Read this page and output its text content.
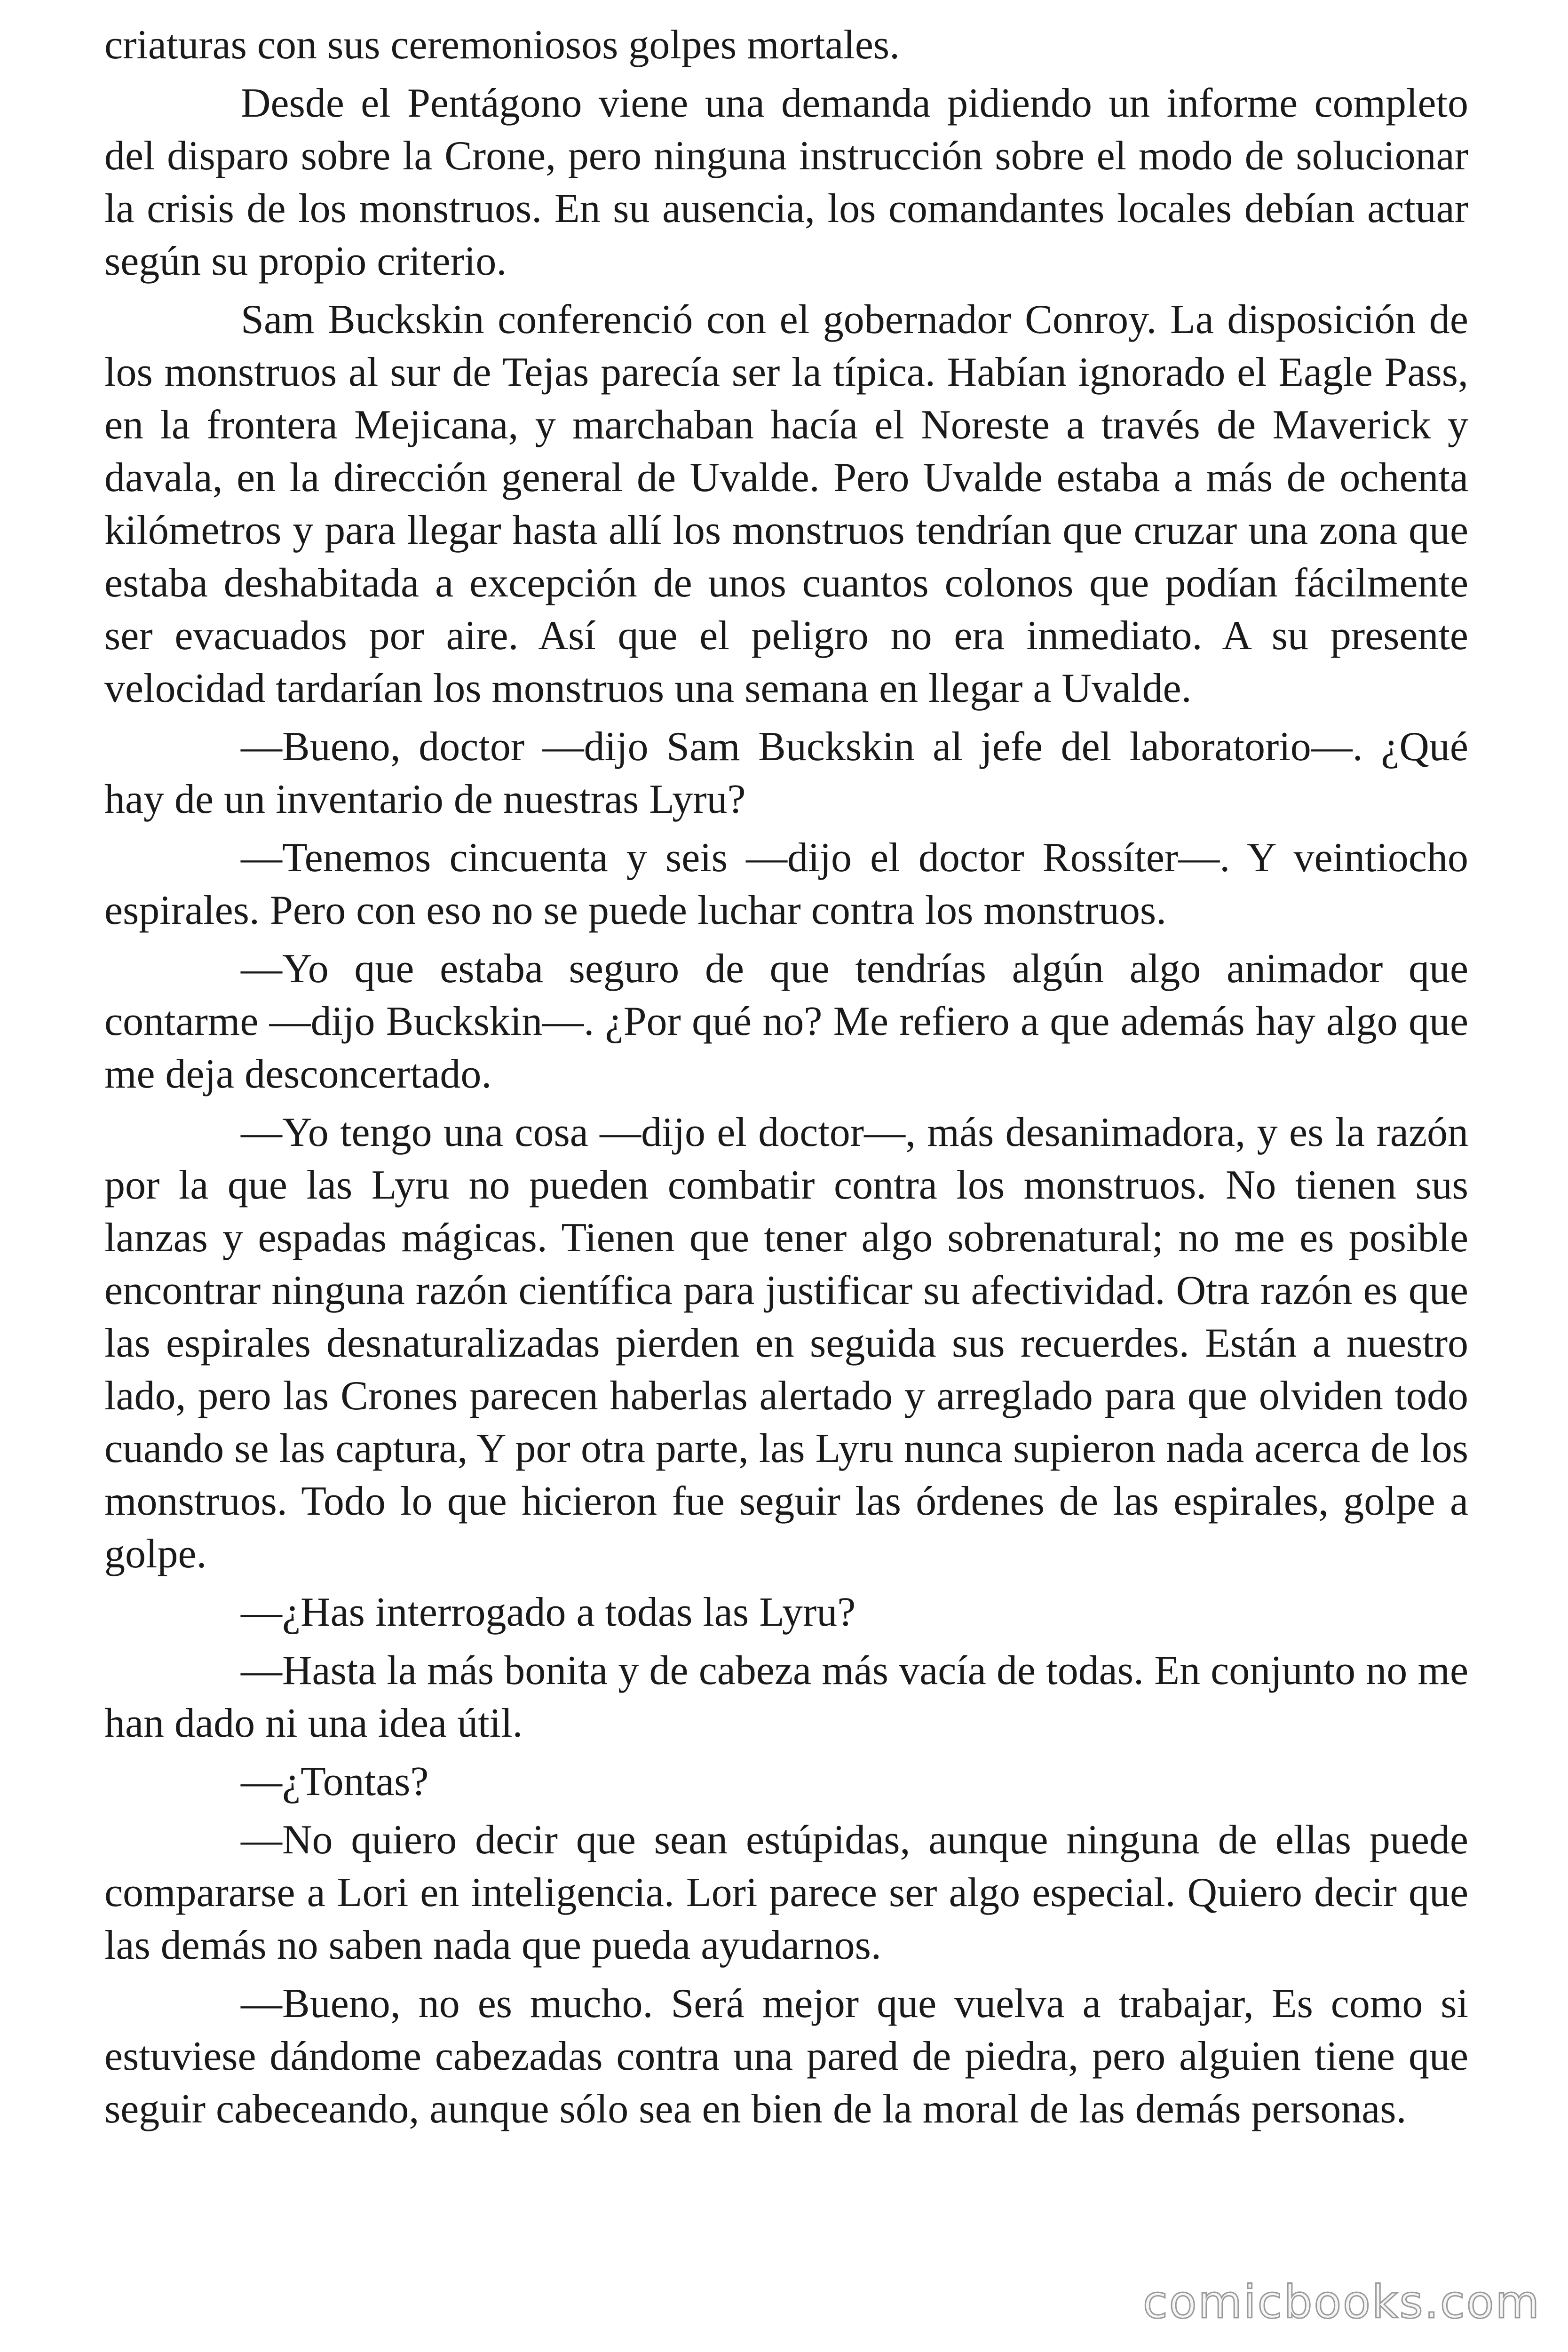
criaturas con sus ceremoniosos golpes mortales.

Desde el Pentágono viene una demanda pidiendo un informe completo del disparo sobre la Crone, pero ninguna instrucción sobre el modo de solucionar la crisis de los monstruos. En su ausencia, los comandantes locales debían actuar según su propio criterio.

Sam Buckskin conferenció con el gobernador Conroy. La disposición de los monstruos al sur de Tejas parecía ser la típica. Habían ignorado el Eagle Pass, en la frontera Mejicana, y marchaban hacía el Noreste a través de Maverick y davala, en la dirección general de Uvalde. Pero Uvalde estaba a más de ochenta kilómetros y para llegar hasta allí los monstruos tendrían que cruzar una zona que estaba deshabitada a excepción de unos cuantos colonos que podían fácilmente ser evacuados por aire. Así que el peligro no era inmediato. A su presente velocidad tardarían los monstruos una semana en llegar a Uvalde.

—Bueno, doctor —dijo Sam Buckskin al jefe del laboratorio—. ¿Qué hay de un inventario de nuestras Lyru?

—Tenemos cincuenta y seis —dijo el doctor Rossíter—. Y veintiocho espirales. Pero con eso no se puede luchar contra los monstruos.

—Yo que estaba seguro de que tendrías algún algo animador que contarme —dijo Buckskin—. ¿Por qué no? Me refiero a que además hay algo que me deja desconcertado.

—Yo tengo una cosa —dijo el doctor—, más desanimadora, y es la razón por la que las Lyru no pueden combatir contra los monstruos. No tienen sus lanzas y espadas mágicas. Tienen que tener algo sobrenatural; no me es posible encontrar ninguna razón científica para justificar su afectividad. Otra razón es que las espirales desnaturalizadas pierden en seguida sus recuerdes. Están a nuestro lado, pero las Crones parecen haberlas alertado y arreglado para que olviden todo cuando se las captura, Y por otra parte, las Lyru nunca supieron nada acerca de los monstruos. Todo lo que hicieron fue seguir las órdenes de las espirales, golpe a golpe.

—¿Has interrogado a todas las Lyru?

—Hasta la más bonita y de cabeza más vacía de todas. En conjunto no me han dado ni una idea útil.

—¿Tontas?

—No quiero decir que sean estúpidas, aunque ninguna de ellas puede compararse a Lori en inteligencia. Lori parece ser algo especial. Quiero decir que las demás no saben nada que pueda ayudarnos.

—Bueno, no es mucho. Será mejor que vuelva a trabajar, Es como si estuviese dándome cabezadas contra una pared de piedra, pero alguien tiene que seguir cabeceando, aunque sólo sea en bien de la moral de las demás personas.

comicbooks.com
